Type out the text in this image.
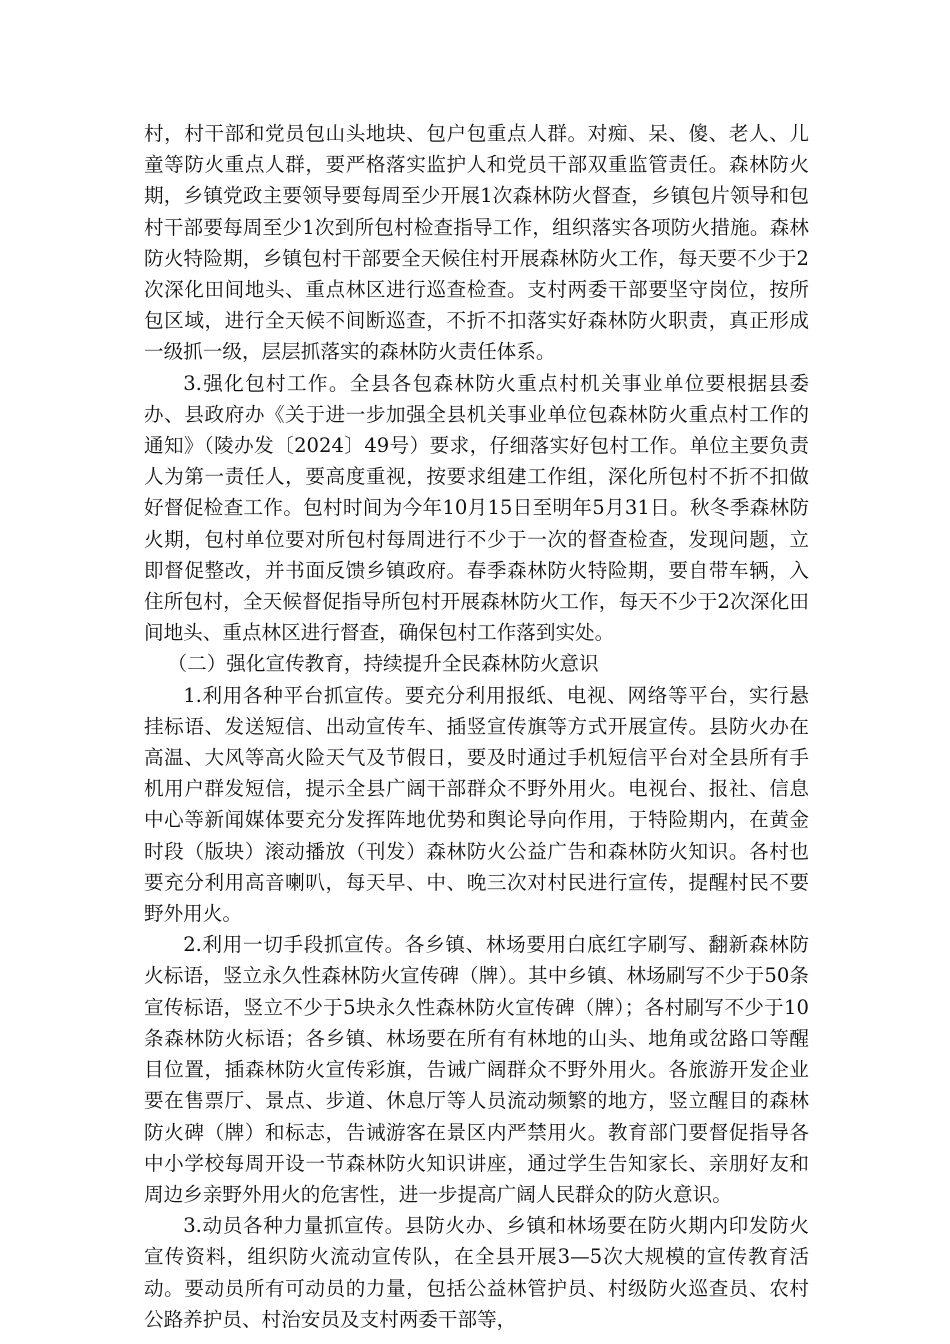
村，村干部和党员包山头地块、包户包重点人群。对痴、呆、傻、老人、儿童等防火重点人群，要严格落实监护人和党员干部双重监管责任。森林防火期，乡镇党政主要领导要每周至少开展1次森林防火督查，乡镇包片领导和包村干部要每周至少1次到所包村检查指导工作，组织落实各项防火措施。森林防火特险期，乡镇包村干部要全天候住村开展森林防火工作，每天要不少于2次深化田间地头、重点林区进行巡查检查。支村两委干部要坚守岗位，按所包区域，进行全天候不间断巡查，不折不扣落实好森林防火职责，真正形成一级抓一级，层层抓落实的森林防火责任体系。

3.强化包村工作。全县各包森林防火重点村机关事业单位要根据县委办、县政府办《关于进一步加强全县机关事业单位包森林防火重点村工作的通知》（陵办发〔2024〕49号）要求，仔细落实好包村工作。单位主要负责人为第一责任人，要高度重视，按要求组建工作组，深化所包村不折不扣做好督促检查工作。包村时间为今年10月15日至明年5月31日。秋冬季森林防火期，包村单位要对所包村每周进行不少于一次的督查检查，发现问题，立即督促整改，并书面反馈乡镇政府。春季森林防火特险期，要自带车辆，入住所包村，全天候督促指导所包村开展森林防火工作，每天不少于2次深化田间地头、重点林区进行督查，确保包村工作落到实处。

（二）强化宣传教育，持续提升全民森林防火意识

1.利用各种平台抓宣传。要充分利用报纸、电视、网络等平台，实行悬挂标语、发送短信、出动宣传车、插竖宣传旗等方式开展宣传。县防火办在高温、大风等高火险天气及节假日，要及时通过手机短信平台对全县所有手机用户群发短信，提示全县广阔干部群众不野外用火。电视台、报社、信息中心等新闻媒体要充分发挥阵地优势和舆论导向作用，于特险期内，在黄金时段（版块）滚动播放（刊发）森林防火公益广告和森林防火知识。各村也要充分利用高音喇叭，每天早、中、晚三次对村民进行宣传，提醒村民不要野外用火。

2.利用一切手段抓宣传。各乡镇、林场要用白底红字刷写、翻新森林防火标语，竖立永久性森林防火宣传碑（牌）。其中乡镇、林场刷写不少于50条宣传标语，竖立不少于5块永久性森林防火宣传碑（牌）；各村刷写不少于10条森林防火标语；各乡镇、林场要在所有有林地的山头、地角或岔路口等醒目位置，插森林防火宣传彩旗，告诫广阔群众不野外用火。各旅游开发企业要在售票厅、景点、步道、休息厅等人员流动频繁的地方，竖立醒目的森林防火碑（牌）和标志，告诫游客在景区内严禁用火。教育部门要督促指导各中小学校每周开设一节森林防火知识讲座，通过学生告知家长、亲朋好友和周边乡亲野外用火的危害性，进一步提高广阔人民群众的防火意识。

3.动员各种力量抓宣传。县防火办、乡镇和林场要在防火期内印发防火宣传资料，组织防火流动宣传队，在全县开展3—5次大规模的宣传教育活动。要动员所有可动员的力量，包括公益林管护员、村级防火巡查员、农村公路养护员、村治安员及支村两委干部等，
